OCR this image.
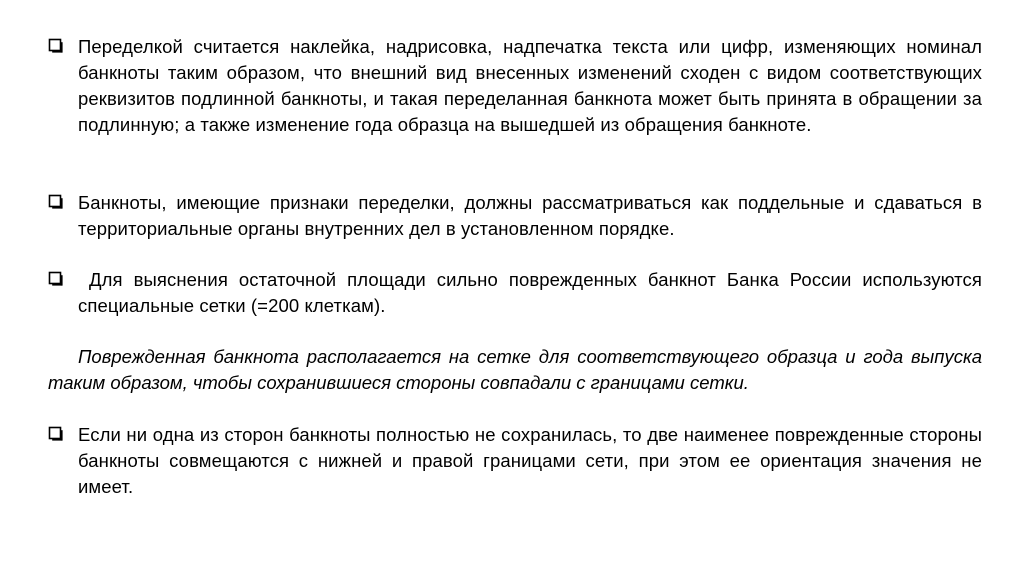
Переделкой считается наклейка, надрисовка, надпечатка текста или цифр, изменяющих номинал банкноты таким образом, что внешний вид внесенных изменений сходен с видом соответствующих реквизитов подлинной банкноты, и такая переделанная банкнота может быть принята в обращении за подлинную; а также изменение года образца на вышедшей из обращения банкноте.
Банкноты, имеющие признаки переделки, должны рассматриваться как поддельные и сдаваться в территориальные органы внутренних дел в установленном порядке.
Для выяснения остаточной площади сильно поврежденных банкнот Банка России используются специальные сетки (=200 клеткам).
Поврежденная банкнота располагается на сетке для соответствующего образца и года выпуска таким образом, чтобы сохранившиеся стороны совпадали с границами сетки.
Если ни одна из сторон банкноты полностью не сохранилась, то две наименее поврежденные стороны банкноты совмещаются с нижней и правой границами сети, при этом ее ориентация значения не имеет.
